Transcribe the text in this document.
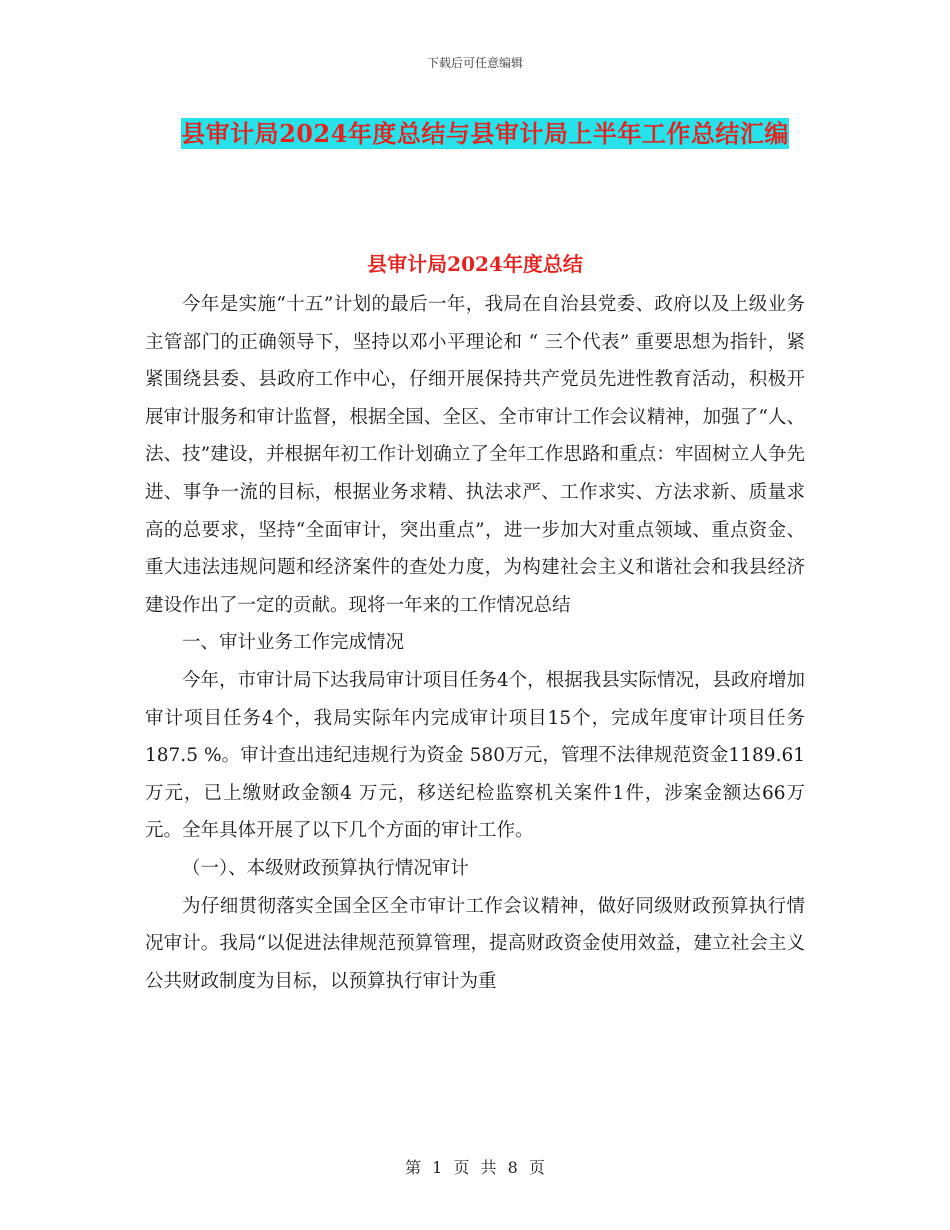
下载后可任意编辑
县审计局2024年度总结与县审计局上半年工作总结汇编
县审计局2024年度总结

今年是实施“十五”计划的最后一年，我局在自治县党委、政府以及上级业务主管部门的正确领导下，坚持以邓小平理论和 “ 三个代表” 重要思想为指针，紧紧围绕县委、县政府工作中心，仔细开展保持共产党员先进性教育活动，积极开展审计服务和审计监督，根据全国、全区、全市审计工作会议精神，加强了“人、法、技”建设，并根据年初工作计划确立了全年工作思路和重点：牢固树立人争先进、事争一流的目标，根据业务求精、执法求严、工作求实、方法求新、质量求高的总要求，坚持“全面审计，突出重点”，进一步加大对重点领域、重点资金、重大违法违规问题和经济案件的查处力度，为构建社会主义和谐社会和我县经济建设作出了一定的贡献。现将一年来的工作情况总结

一、审计业务工作完成情况

今年，市审计局下达我局审计项目任务4个，根据我县实际情况，县政府增加审计项目任务4个，我局实际年内完成审计项目15个，完成年度审计项目任务187.5 %。审计查出违纪违规行为资金 580万元，管理不法律规范资金1189.61万元，已上缴财政金额4 万元，移送纪检监察机关案件1件，涉案金额达66万元。全年具体开展了以下几个方面的审计工作。

（一）、本级财政预算执行情况审计

为仔细贯彻落实全国全区全市审计工作会议精神，做好同级财政预算执行情况审计。我局“以促进法律规范预算管理，提高财政资金使用效益，建立社会主义公共财政制度为目标，以预算执行审计为重

第 1 页 共 8 页
